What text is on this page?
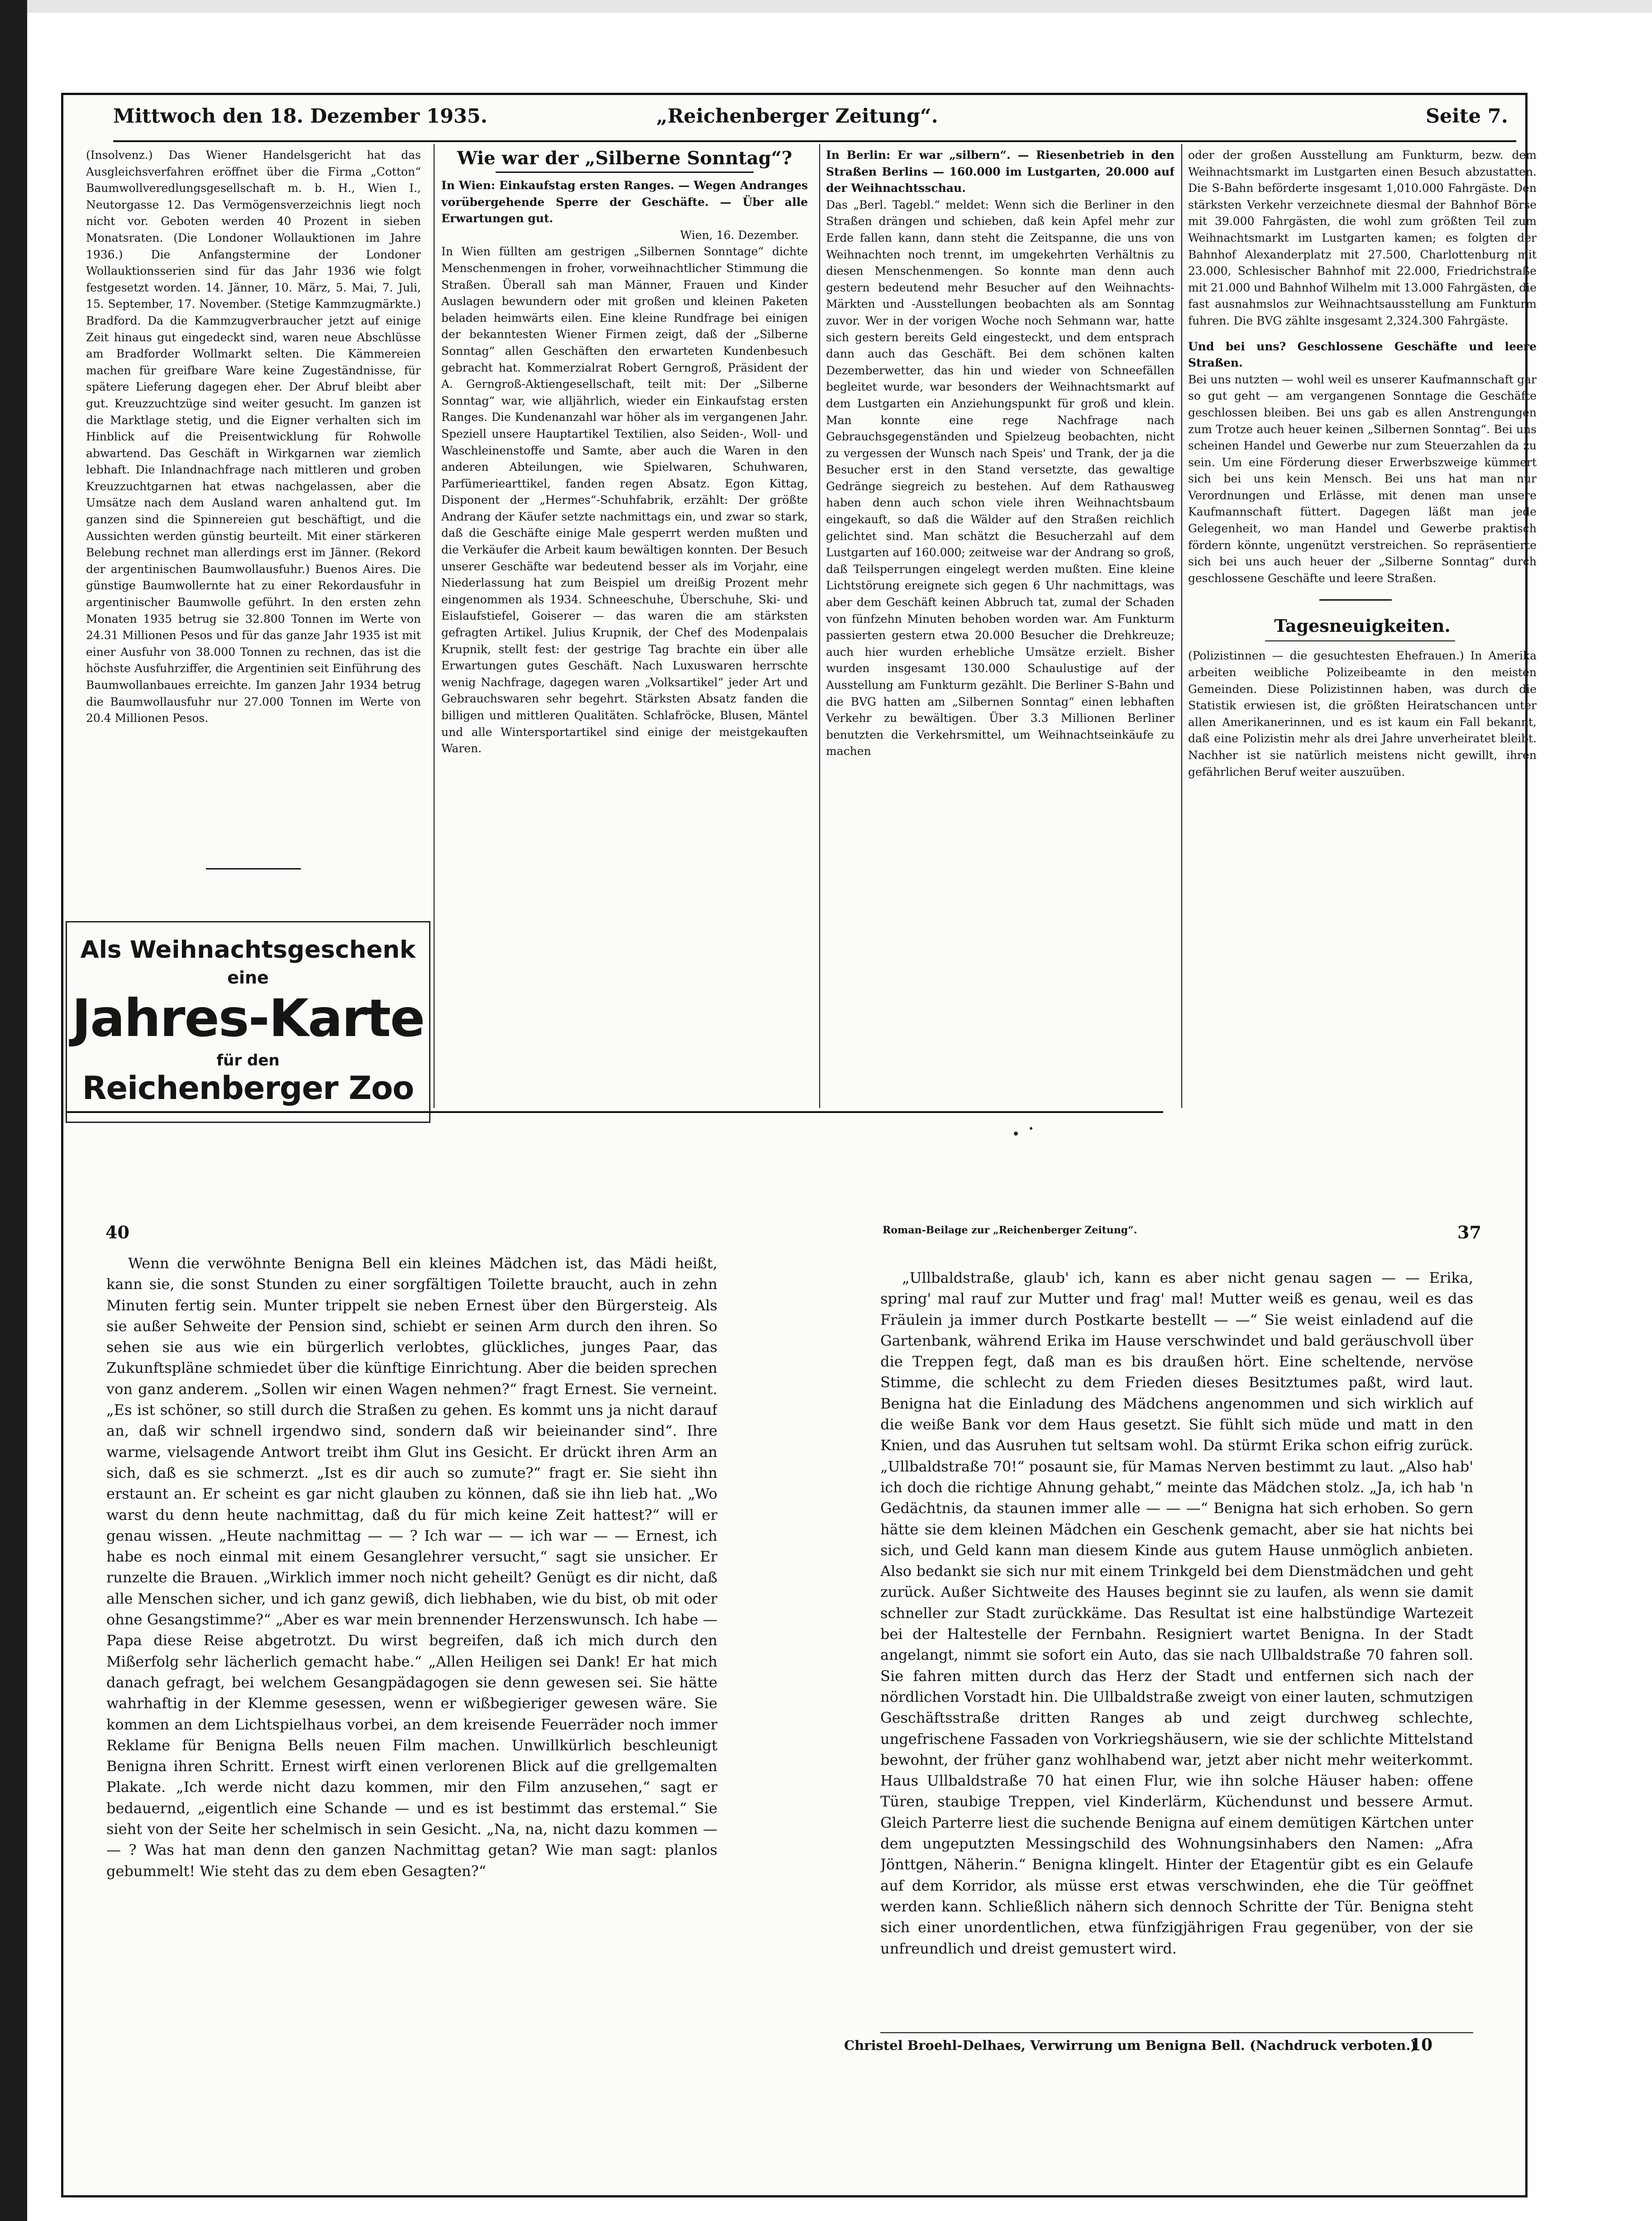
Mittwoch den 18. Dezember 1935.	„Reichenberger Zeitung“.	Seite 7.

(Insolvenz.) Das Wiener Handelsgericht hat das Ausgleichsverfahren eröffnet über die Firma „Cotton“ Baumwollveredlungsgesellschaft m. b. H., Wien I., Neutorgasse 12. Das Vermögensverzeichnis liegt noch nicht vor. Geboten werden 40 Prozent in sieben Monatsraten. (Die Londoner Wollauktionen im Jahre 1936.) Die Anfangstermine der Londoner Wollauktionsserien sind für das Jahr 1936 wie folgt festgesetzt worden. 14. Jänner, 10. März, 5. Mai, 7. Juli, 15. September, 17. November. (Stetige Kammzugmärkte.) Bradford. Da die Kammzugverbraucher jetzt auf einige Zeit hinaus gut eingedeckt sind, waren neue Abschlüsse am Bradforder Wollmarkt selten. Die Kämmereien machen für greifbare Ware keine Zugeständnisse, für spätere Lieferung dagegen eher. Der Abruf bleibt aber gut. Kreuzzuchtzüge sind weiter gesucht. Im ganzen ist die Marktlage stetig, und die Eigner verhalten sich im Hinblick auf die Preisentwicklung für Rohwolle abwartend. Das Geschäft in Wirkgarnen war ziemlich lebhaft. Die Inlandnachfrage nach mittleren und groben Kreuzzuchtgarnen hat etwas nachgelassen, aber die Umsätze nach dem Ausland waren anhaltend gut. Im ganzen sind die Spinnereien gut beschäftigt, und die Aussichten werden günstig beurteilt. Mit einer stärkeren Belebung rechnet man allerdings erst im Jänner. (Rekord der argentinischen Baumwollausfuhr.) Buenos Aires. Die günstige Baumwollernte hat zu einer Rekordausfuhr in argentinischer Baumwolle geführt. In den ersten zehn Monaten 1935 betrug sie 32.800 Tonnen im Werte von 24.31 Millionen Pesos und für das ganze Jahr 1935 ist mit einer Ausfuhr von 38.000 Tonnen zu rechnen, das ist die höchste Ausfuhrziffer, die Argentinien seit Einführung des Baumwollanbaues erreichte. Im ganzen Jahr 1934 betrug die Baumwollausfuhr nur 27.000 Tonnen im Werte von 20.4 Millionen Pesos.

Als Weihnachtsgeschenk
eine
Jahres-Karte
für den
Reichenberger Zoo

Wie war der „Silberne Sonntag“?

In Wien: Einkaufstag ersten Ranges. — Wegen Andranges vorübergehende Sperre der Geschäfte. — Über alle Erwartungen gut.

Wien, 16. Dezember.

In Wien füllten am gestrigen „Silbernen Sonntage“ dichte Menschenmengen in froher, vorweihnachtlicher Stimmung die Straßen. Überall sah man Männer, Frauen und Kinder Auslagen bewundern oder mit großen und kleinen Paketen beladen heimwärts eilen. Eine kleine Rundfrage bei einigen der bekanntesten Wiener Firmen zeigt, daß der „Silberne Sonntag“ allen Geschäften den erwarteten Kundenbesuch gebracht hat. Kommerzialrat Robert Gerngroß, Präsident der A. Gerngroß-Aktiengesellschaft, teilt mit: Der „Silberne Sonntag“ war, wie alljährlich, wieder ein Einkaufstag ersten Ranges. Die Kundenanzahl war höher als im vergangenen Jahr. Speziell unsere Hauptartikel Textilien, also Seiden-, Woll- und Waschleinenstoffe und Samte, aber auch die Waren in den anderen Abteilungen, wie Spielwaren, Schuhwaren, Parfümeriearttikel, fanden regen Absatz. Egon Kittag, Disponent der „Hermes“-Schuhfabrik, erzählt: Der größte Andrang der Käufer setzte nachmittags ein, und zwar so stark, daß die Geschäfte einige Male gesperrt werden mußten und die Verkäufer die Arbeit kaum bewältigen konnten. Der Besuch unserer Geschäfte war bedeutend besser als im Vorjahr, eine Niederlassung hat zum Beispiel um dreißig Prozent mehr eingenommen als 1934. Schneeschuhe, Überschuhe, Ski- und Eislaufstiefel, Goiserer — das waren die am stärksten gefragten Artikel. Julius Krupnik, der Chef des Modenpalais Krupnik, stellt fest: der gestrige Tag brachte ein über alle Erwartungen gutes Geschäft. Nach Luxuswaren herrschte wenig Nachfrage, dagegen waren „Volksartikel“ jeder Art und Gebrauchswaren sehr begehrt. Stärksten Absatz fanden die billigen und mittleren Qualitäten. Schlafröcke, Blusen, Mäntel und alle Wintersportartikel sind einige der meistgekauften Waren.

In Berlin: Er war „silbern“. — Riesenbetrieb in den Straßen Berlins — 160.000 im Lustgarten, 20.000 auf der Weihnachtsschau.

Das „Berl. Tagebl.“ meldet: Wenn sich die Berliner in den Straßen drängen und schieben, daß kein Apfel mehr zur Erde fallen kann, dann steht die Zeitspanne, die uns von Weihnachten noch trennt, im umgekehrten Verhältnis zu diesen Menschenmengen. So konnte man denn auch gestern bedeutend mehr Besucher auf den Weihnachts-Märkten und -Ausstellungen beobachten als am Sonntag zuvor. Wer in der vorigen Woche noch Sehmann war, hatte sich gestern bereits Geld eingesteckt, und dem entsprach dann auch das Geschäft. Bei dem schönen kalten Dezemberwetter, das hin und wieder von Schneefällen begleitet wurde, war besonders der Weihnachtsmarkt auf dem Lustgarten ein Anziehungspunkt für groß und klein. Man konnte eine rege Nachfrage nach Gebrauchsgegenständen und Spielzeug beobachten, nicht zu vergessen der Wunsch nach Speis' und Trank, der ja die Besucher erst in den Stand versetzte, das gewaltige Gedränge siegreich zu bestehen. Auf dem Rathausweg haben denn auch schon viele ihren Weihnachtsbaum eingekauft, so daß die Wälder auf den Straßen reichlich gelichtet sind. Man schätzt die Besucherzahl auf dem Lustgarten auf 160.000; zeitweise war der Andrang so groß, daß Teilsperrungen eingelegt werden mußten. Eine kleine Lichtstörung ereignete sich gegen 6 Uhr nachmittags, was aber dem Geschäft keinen Abbruch tat, zumal der Schaden von fünfzehn Minuten behoben worden war. Am Funkturm passierten gestern etwa 20.000 Besucher die Drehkreuze; auch hier wurden erhebliche Umsätze erzielt. Bisher wurden insgesamt 130.000 Schaulustige auf der Ausstellung am Funkturm gezählt. Die Berliner S-Bahn und die BVG hatten am „Silbernen Sonntag“ einen lebhaften Verkehr zu bewältigen. Über 3.3 Millionen Berliner benutzten die Verkehrsmittel, um Weihnachtseinkäufe zu machen

oder der großen Ausstellung am Funkturm, bezw. dem Weihnachtsmarkt im Lustgarten einen Besuch abzustatten. Die S-Bahn beförderte insgesamt 1,010.000 Fahrgäste. Den stärksten Verkehr verzeichnete diesmal der Bahnhof Börse mit 39.000 Fahrgästen, die wohl zum größten Teil zum Weihnachtsmarkt im Lustgarten kamen; es folgten der Bahnhof Alexanderplatz mit 27.500, Charlottenburg mit 23.000, Schlesischer Bahnhof mit 22.000, Friedrichstraße mit 21.000 und Bahnhof Wilhelm mit 13.000 Fahrgästen, die fast ausnahmslos zur Weihnachtsausstellung am Funkturm fuhren. Die BVG zählte insgesamt 2,324.300 Fahrgäste.

Und bei uns? Geschlossene Geschäfte und leere Straßen.

Bei uns nutzten — wohl weil es unserer Kaufmannschaft gar so gut geht — am vergangenen Sonntage die Geschäfte geschlossen bleiben. Bei uns gab es allen Anstrengungen zum Trotze auch heuer keinen „Silbernen Sonntag“. Bei uns scheinen Handel und Gewerbe nur zum Steuerzahlen da zu sein. Um eine Förderung dieser Erwerbszweige kümmert sich bei uns kein Mensch. Bei uns hat man nur Verordnungen und Erlässe, mit denen man unsere Kaufmannschaft füttert. Dagegen läßt man jede Gelegenheit, wo man Handel und Gewerbe praktisch fördern könnte, ungenützt verstreichen. So repräsentierte sich bei uns auch heuer der „Silberne Sonntag“ durch geschlossene Geschäfte und leere Straßen.

Tagesneuigkeiten.

(Polizistinnen — die gesuchtesten Ehefrauen.) In Amerika arbeiten weibliche Polizeibeamte in den meisten Gemeinden. Diese Polizistinnen haben, was durch die Statistik erwiesen ist, die größten Heiratschancen unter allen Amerikanerinnen, und es ist kaum ein Fall bekannt, daß eine Polizistin mehr als drei Jahre unverheiratet bleibt. Nachher ist sie natürlich meistens nicht gewillt, ihren gefährlichen Beruf weiter auszuüben.

40	Roman-Beilage zur „Reichenberger Zeitung“.	37

Wenn die verwöhnte Benigna Bell ein kleines Mädchen ist, das Mädi heißt, kann sie, die sonst Stunden zu einer sorgfältigen Toilette braucht, auch in zehn Minuten fertig sein. Munter trippelt sie neben Ernest über den Bürgersteig. Als sie außer Sehweite der Pension sind, schiebt er seinen Arm durch den ihren. So sehen sie aus wie ein bürgerlich verlobtes, glückliches, junges Paar, das Zukunftspläne schmiedet über die künftige Einrichtung. Aber die beiden sprechen von ganz anderem. „Sollen wir einen Wagen nehmen?“ fragt Ernest. Sie verneint. „Es ist schöner, so still durch die Straßen zu gehen. Es kommt uns ja nicht darauf an, daß wir schnell irgendwo sind, sondern daß wir beieinander sind“. Ihre warme, vielsagende Antwort treibt ihm Glut ins Gesicht. Er drückt ihren Arm an sich, daß es sie schmerzt. „Ist es dir auch so zumute?“ fragt er. Sie sieht ihn erstaunt an. Er scheint es gar nicht glauben zu können, daß sie ihn lieb hat. „Wo warst du denn heute nachmittag, daß du für mich keine Zeit hattest?“ will er genau wissen. „Heute nachmittag — — ? Ich war — — ich war — — Ernest, ich habe es noch einmal mit einem Gesanglehrer versucht,“ sagt sie unsicher. Er runzelte die Brauen. „Wirklich immer noch nicht geheilt? Genügt es dir nicht, daß alle Menschen sicher, und ich ganz gewiß, dich liebhaben, wie du bist, ob mit oder ohne Gesangstimme?“ „Aber es war mein brennender Herzenswunsch. Ich habe — Papa diese Reise abgetrotzt. Du wirst begreifen, daß ich mich durch den Mißerfolg sehr lächerlich gemacht habe.“ „Allen Heiligen sei Dank! Er hat mich danach gefragt, bei welchem Gesangpädagogen sie denn gewesen sei. Sie hätte wahrhaftig in der Klemme gesessen, wenn er wißbegieriger gewesen wäre. Sie kommen an dem Lichtspielhaus vorbei, an dem kreisende Feuerräder noch immer Reklame für Benigna Bells neuen Film machen. Unwillkürlich beschleunigt Benigna ihren Schritt. Ernest wirft einen verlorenen Blick auf die grellgemalten Plakate. „Ich werde nicht dazu kommen, mir den Film anzusehen,“ sagt er bedauernd, „eigentlich eine Schande — und es ist bestimmt das erstemal.“ Sie sieht von der Seite her schelmisch in sein Gesicht. „Na, na, nicht dazu kommen — — ? Was hat man denn den ganzen Nachmittag getan? Wie man sagt: planlos gebummelt! Wie steht das zu dem eben Gesagten?“

„Ullbaldstraße, glaub' ich, kann es aber nicht genau sagen — — Erika, spring' mal rauf zur Mutter und frag' mal! Mutter weiß es genau, weil es das Fräulein ja immer durch Postkarte bestellt — —“ Sie weist einladend auf die Gartenbank, während Erika im Hause verschwindet und bald geräuschvoll über die Treppen fegt, daß man es bis draußen hört. Eine scheltende, nervöse Stimme, die schlecht zu dem Frieden dieses Besitztumes paßt, wird laut. Benigna hat die Einladung des Mädchens angenommen und sich wirklich auf die weiße Bank vor dem Haus gesetzt. Sie fühlt sich müde und matt in den Knien, und das Ausruhen tut seltsam wohl. Da stürmt Erika schon eifrig zurück. „Ullbaldstraße 70!“ posaunt sie, für Mamas Nerven bestimmt zu laut. „Also hab' ich doch die richtige Ahnung gehabt,“ meinte das Mädchen stolz. „Ja, ich hab 'n Gedächtnis, da staunen immer alle — — —“ Benigna hat sich erhoben. So gern hätte sie dem kleinen Mädchen ein Geschenk gemacht, aber sie hat nichts bei sich, und Geld kann man diesem Kinde aus gutem Hause unmöglich anbieten. Also bedankt sie sich nur mit einem Trinkgeld bei dem Dienstmädchen und geht zurück. Außer Sichtweite des Hauses beginnt sie zu laufen, als wenn sie damit schneller zur Stadt zurückkäme. Das Resultat ist eine halbstündige Wartezeit bei der Haltestelle der Fernbahn. Resigniert wartet Benigna. In der Stadt angelangt, nimmt sie sofort ein Auto, das sie nach Ullbaldstraße 70 fahren soll. Sie fahren mitten durch das Herz der Stadt und entfernen sich nach der nördlichen Vorstadt hin. Die Ullbaldstraße zweigt von einer lauten, schmutzigen Geschäftsstraße dritten Ranges ab und zeigt durchweg schlechte, ungefrischene Fassaden von Vorkriegshäusern, wie sie der schlichte Mittelstand bewohnt, der früher ganz wohlhabend war, jetzt aber nicht mehr weiterkommt. Haus Ullbaldstraße 70 hat einen Flur, wie ihn solche Häuser haben: offene Türen, staubige Treppen, viel Kinderlärm, Küchendunst und bessere Armut. Gleich Parterre liest die suchende Benigna auf einem demütigen Kärtchen unter dem ungeputzten Messingschild des Wohnungsinhabers den Namen: „Afra Jönttgen, Näherin.“ Benigna klingelt. Hinter der Etagentür gibt es ein Gelaufe auf dem Korridor, als müsse erst etwas verschwinden, ehe die Tür geöffnet werden kann. Schließlich nähern sich dennoch Schritte der Tür. Benigna steht sich einer unordentlichen, etwa fünfzigjährigen Frau gegenüber, von der sie unfreundlich und dreist gemustert wird.

Christel Broehl-Delhaes, Verwirrung um Benigna Bell. (Nachdruck verboten.)
10
